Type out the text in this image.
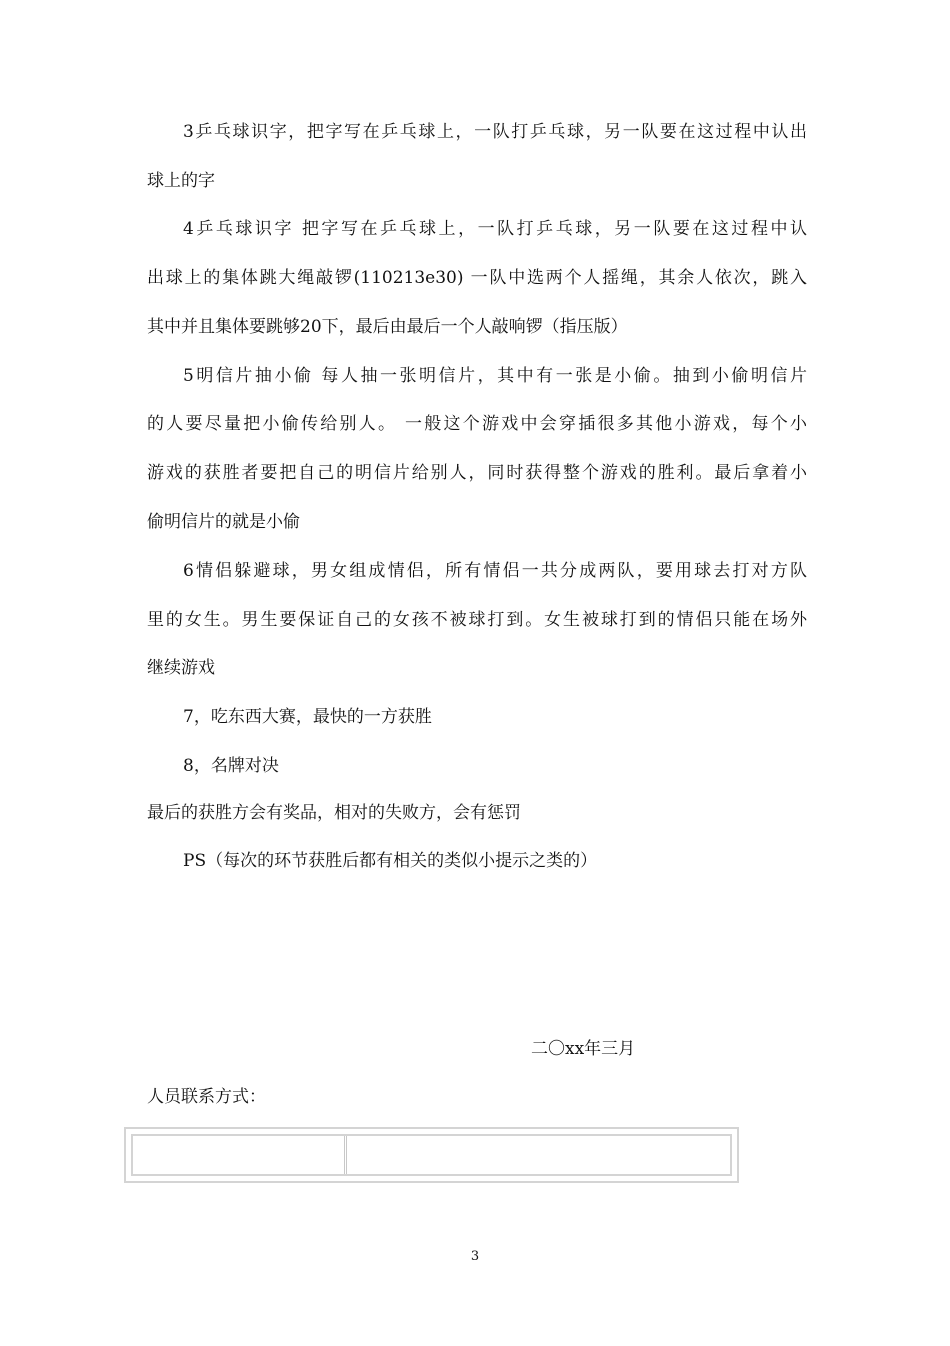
3乒乓球识字，把字写在乒乓球上，一队打乒乓球，另一队要在这过程中认出
球上的字
4乒乓球识字 把字写在乒乓球上，一队打乒乓球，另一队要在这过程中认
出球上的集体跳大绳敲锣(110213e30) 一队中选两个人摇绳，其余人依次，跳入
其中并且集体要跳够20下，最后由最后一个人敲响锣（指压版）
5明信片抽小偷 每人抽一张明信片，其中有一张是小偷。抽到小偷明信片
的人要尽量把小偷传给别人。 一般这个游戏中会穿插很多其他小游戏，每个小
游戏的获胜者要把自己的明信片给别人，同时获得整个游戏的胜利。最后拿着小
偷明信片的就是小偷
6情侣躲避球，男女组成情侣，所有情侣一共分成两队，要用球去打对方队
里的女生。男生要保证自己的女孩不被球打到。女生被球打到的情侣只能在场外
继续游戏
7，吃东西大赛，最快的一方获胜
8，名牌对决
最后的获胜方会有奖品，相对的失败方，会有惩罚
PS（每次的环节获胜后都有相关的类似小提示之类的）
二〇xx年三月
人员联系方式：
3
